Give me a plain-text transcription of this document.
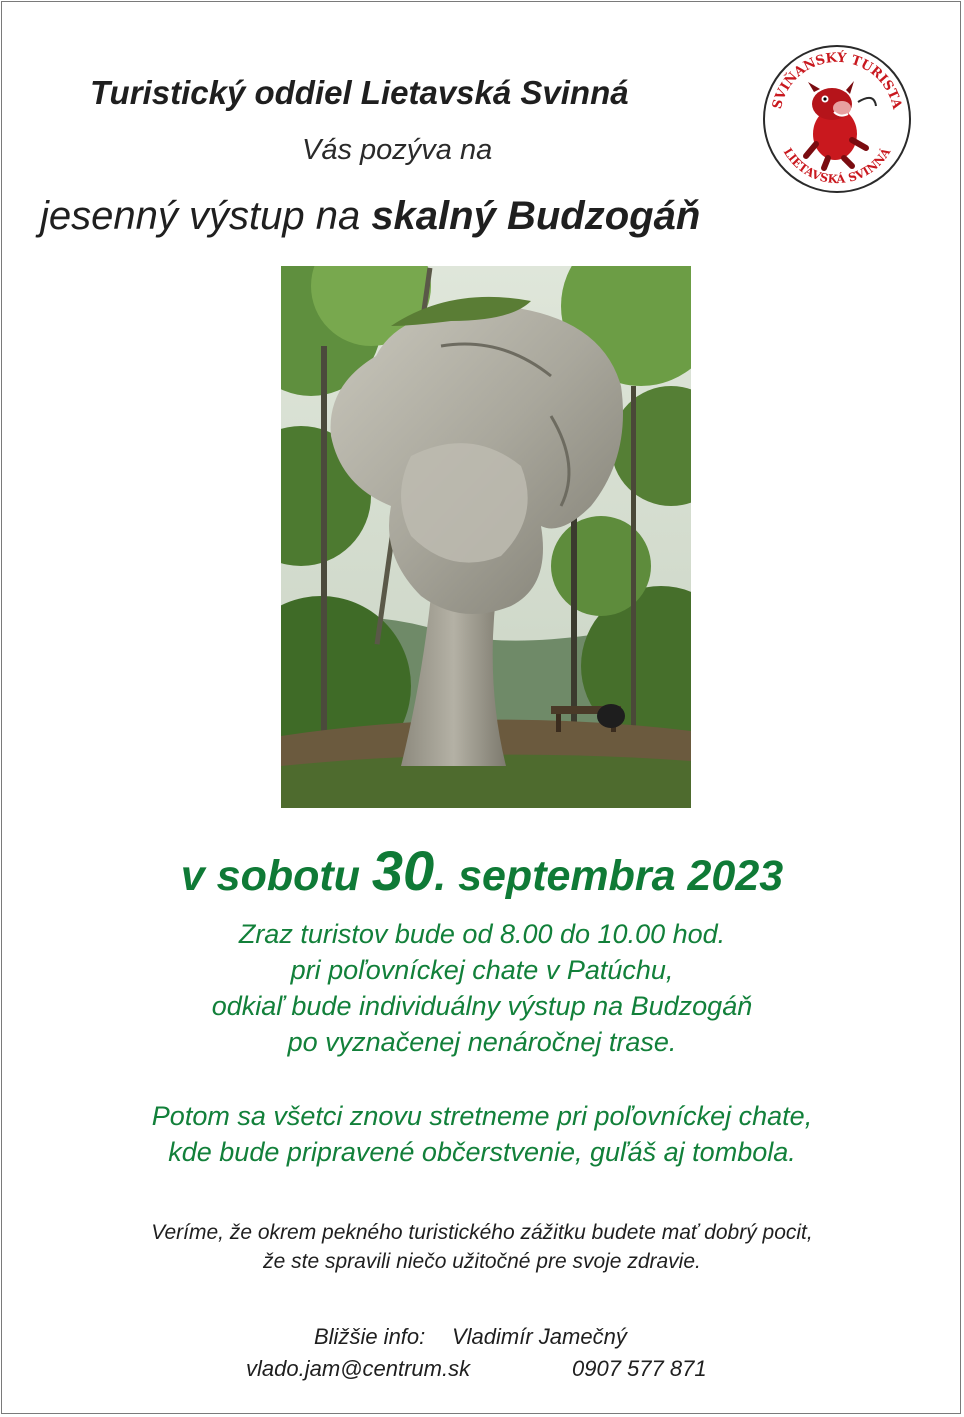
Turistický oddiel Lietavská Svinná
Vás pozýva na
jesenný výstup na skalný Budzogáň
SVIŇANSKÝ TURISTA
LIETAVSKÁ SVINNÁ
v sobotu 30. septembra 2023
Zraz turistov bude od 8.00 do 10.00 hod.
pri poľovníckej chate v Patúchu,
odkiaľ bude individuálny výstup na Budzogáň
po vyznačenej nenáročnej trase.
Potom sa všetci znovu stretneme pri poľovníckej chate,
kde bude pripravené občerstvenie, guľáš aj tombola.
Veríme, že okrem pekného turistického zážitku budete mať dobrý pocit,
že ste spravili niečo užitočné pre svoje zdravie.
Bližšie info: Vladimír Jamečný
vlado.jam@centrum.sk	0907 577 871
